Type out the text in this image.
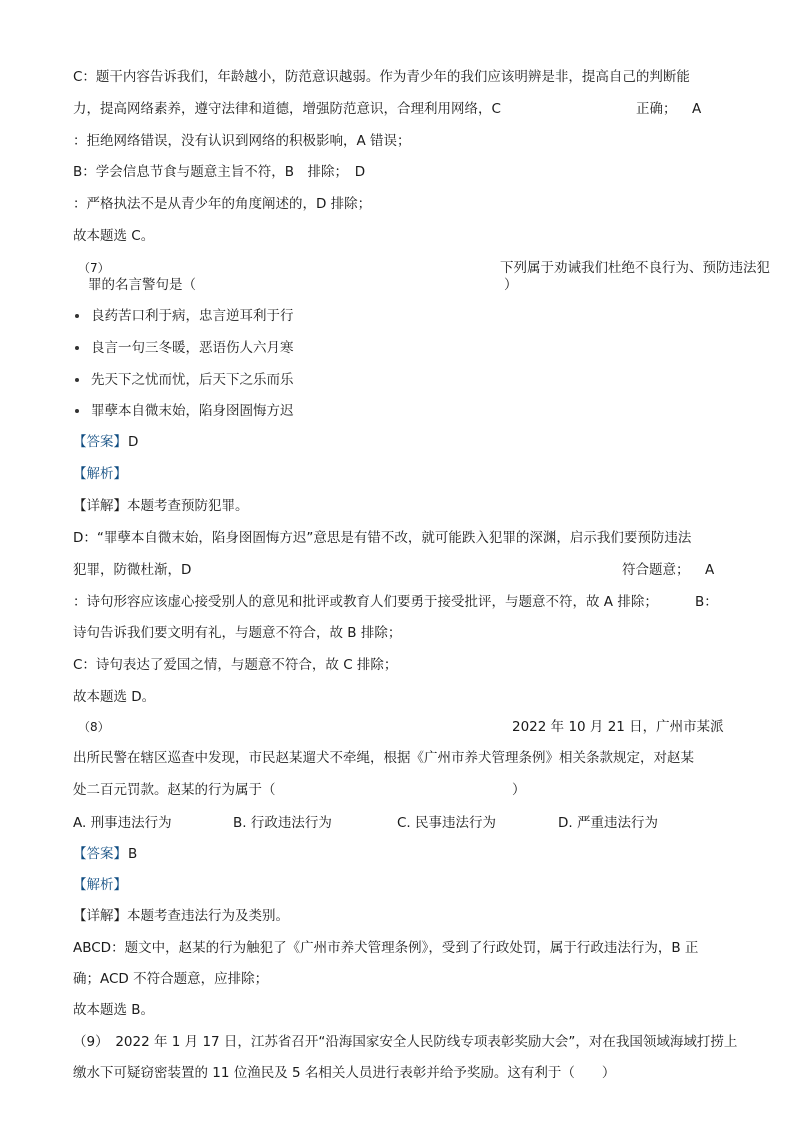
C：题干内容告诉我们，年龄越小，防范意识越弱。作为青少年的我们应该明辨是非，提高自己的判断能
力，提高网络素养，遵守法律和道德，增强防范意识，合理利用网络，C	正确； A
：拒绝网络错误，没有认识到网络的积极影响，A 错误；
B：学会信息节食与题意主旨不符，B　排除；　D
：严格执法不是从青少年的角度阐述的，D 排除；
故本题选 C。
（7）	下列属于劝诫我们杜绝不良行为、预防违法犯
罪的名言警句是（	）
良药苦口利于病，忠言逆耳利于行
良言一句三冬暖，恶语伤人六月寒
先天下之忧而忧，后天下之乐而乐
罪孽本自微末始，陷身囹圄悔方迟
【答案】 D
【解析】
【详解】本题考查预防犯罪。
D：“罪孽本自微末始，陷身囹圄悔方迟”意思是有错不改，就可能跌入犯罪的深渊，启示我们要预防违法
犯罪，防微杜渐，D	符合题意； A
：诗句形容应该虚心接受别人的意见和批评或教育人们要勇于接受批评，与题意不符，故 A 排除；	B：
诗句告诉我们要文明有礼，与题意不符合，故 B 排除；
C：诗句表达了爱国之情，与题意不符合，故 C 排除；
故本题选 D。
（8）	2022 年 10 月 21 日，广州市某派
出所民警在辖区巡查中发现，市民赵某遛犬不牵绳，根据《广州市养犬管理条例》相关条款规定，对赵某
处二百元罚款。赵某的行为属于（	）
A. 刑事违法行为	B. 行政违法行为	C. 民事违法行为	D. 严重违法行为
【答案】 B
【解析】
【详解】本题考查违法行为及类别。
ABCD：题文中，赵某的行为触犯了《广州市养犬管理条例》，受到了行政处罚，属于行政违法行为，B 正
确；ACD 不符合题意，应排除；
故本题选 B。
（9）　2022 年 1 月 17 日，江苏省召开“沿海国家安全人民防线专项表彰奖励大会”，对在我国领域海域打捞上
缴水下可疑窃密装置的 11 位渔民及 5 名相关人员进行表彰并给予奖励。这有利于（　　）
